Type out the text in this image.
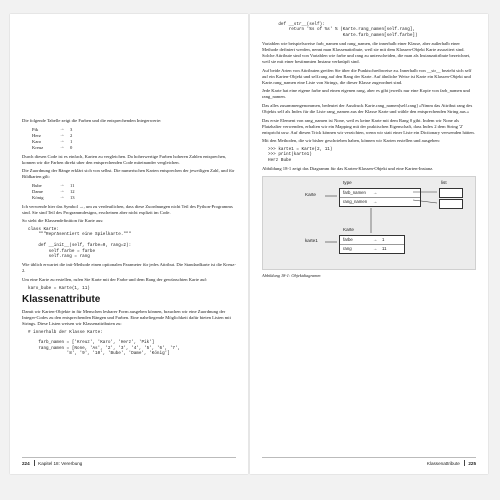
Die folgende Tabelle zeigt die Farben und die entsprechenden Integerwerte:

Pik	→	3
Herz	→	2
Karo	→	1
Kreuz	→	0

Durch diesen Code ist es einfach, Karten zu vergleichen. Da hoherwertige Farben hoheren Zahlen entsprechen, konnen wir die Farben direkt uber den entsprechenden Code miteinander vergleichen.

Die Zuordnung der Ränge erklärt sich von selbst. Die numerischen Karten entsprechen der jeweiligen Zahl, und für Bildkarten gilt:

Bube	→	11
Dame	→	12
König	→	13

Ich verwende hier das Symbol →, um zu verdeutlichen, dass diese Zuordnungen nicht Teil des Python-Programms sind. Sie sind Teil des Programmdesigns, erscheinen aber nicht explizit im Code.

So sieht die Klassendefinition für Karte aus:

class Karte:
"""Repräsentiert eine Spielkarte."""

def __init__(self, farbe=0, rang=2):
self.farbe = farbe
self.rang = rang

Wie üblich erwartet die init-Methode einen optionalen Parameter für jedes Attribut. Die Standardkarte ist die Kreuz-2.

Um eine Karte zu erstellen, rufen Sie Karte mit der Farbe und dem Rang der gewünschten Karte auf:

karo_bube = Karte(1, 11)
Klassenattribute

Damit wir Karten-Objekte in für Menschen lesbarer Form ausgeben können, brauchen wir eine Zuordnung der Integer-Codes zu den entsprechenden Rängen und Farben. Eine naheliegende Möglichkeit dafür bieten Listen mit Strings. Diese Listen weisen wir Klassenattributen zu:

# innerhalb der Klasse Karte:

farb_namen = ['Kreuz', 'Karo', 'Herz', 'Pik']
rang_namen = [None, 'As', '2', '3', '4', '5', '6', '7',
'8', '9', '10', 'Bube', 'Dame', 'König']
224 Kapitel 18: Vererbung
def __str__(self):
return '%s of %s' % (Karte.rang_namen[self.rang],
Karte.farb_namen[self.farbe])

Variablen wie beispielsweise farb_namen und rang_namen, die innerhalb einer Klasse, aber außerhalb einer Methode definiert werden, nennt man Klassenattribute, weil sie mit dem Klassen-Objekt Karte assoziiert sind. Solche Attribute sind von Variablen wie farbe und rang zu unterscheiden, die man als Instanzattribute bezeichnet, weil sie mit einer bestimmten Instanz verknüpft sind.

Auf beide Arten von Attributen greifen Sie über die Punktschreibweise zu. Innerhalb von __str__ bezieht sich self auf ein Karten-Objekt und self.rang auf den Rang der Karte. Auf ähnliche Weise ist Karte ein Klassen-Objekt und Karte.rang_namen eine Liste von Strings, die dieser Klasse zugeordnet sind.

Jede Karte hat eine eigene farbe und einen eigenen rang, aber es gibt jeweils nur eine Kopie von farb_namen und rang_namen.

Das alles zusammengenommen, bedeutet der Ausdruck Karte.rang_namen[self.rang] »Nimm das Attribut rang des Objekts self als Index für die Liste rang_namen aus der Klasse Karte und wähle den entsprechenden String aus.«

Das erste Element von rang_namen ist None, weil es keine Karte mit dem Rang 0 gibt. Indem wir None als Platzhalter verwenden, erhalten wir ein Mapping mit der praktischen Eigenschaft, dass Index 2 dem String '2' entspricht usw. Auf diesen Trick können wir verzichten, wenn wir statt einer Liste ein Dictionary verwenden hätten.

Mit den Methoden, die wir bisher geschrieben haben, können wir Karten erstellen und ausgeben:

>>> karte1 = Karte(2, 11)
>>> print(karte1)
Herz Bube

Abbildung 18-1 zeigt das Diagramm für das Karten-Klassen-Objekt und eine Karten-Instanz.

type	list
Karte	farb_namen	→
rang_namen	→
Karte
karte1	farbe	→	1
rang	→	11
Abbildung 18-1: Objektdiagramm
Klassenattribute 225
